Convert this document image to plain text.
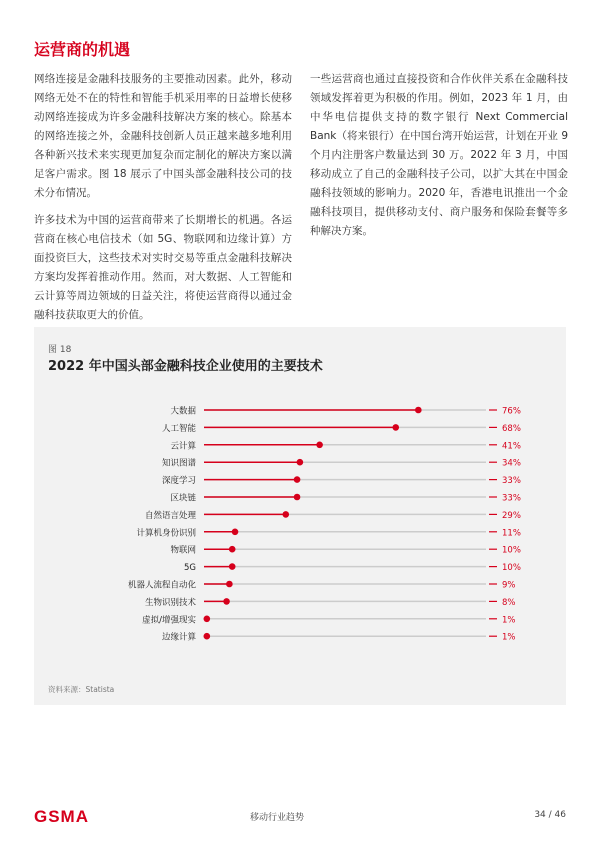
运营商的机遇

网络连接是金融科技服务的主要推动因素。此外，移动网络无处不在的特性和智能手机采用率的日益增长使移动网络连接成为许多金融科技解决方案的核心。除基本的网络连接之外，金融科技创新人员正越来越多地利用各种新兴技术来实现更加复杂而定制化的解决方案以满足客户需求。图 18 展示了中国头部金融科技公司的技术分布情况。

许多技术为中国的运营商带来了长期增长的机遇。各运营商在核心电信技术（如 5G、物联网和边缘计算）方面投资巨大，这些技术对实时交易等重点金融科技解决方案均发挥着推动作用。然而，对大数据、人工智能和云计算等周边领域的日益关注，将使运营商得以通过金融科技获取更大的价值。

一些运营商也通过直接投资和合作伙伴关系在金融科技领域发挥着更为积极的作用。例如，2023 年 1 月，由中华电信提供支持的数字银行 Next Commercial Bank（将来银行）在中国台湾开始运营，计划在开业 9 个月内注册客户数量达到 30 万。2022 年 3 月，中国移动成立了自己的金融科技子公司，以扩大其在中国金融科技领域的影响力。2020 年，香港电讯推出一个金融科技项目，提供移动支付、商户服务和保险套餐等多种解决方案。

图 18
2022 年中国头部金融科技企业使用的主要技术
大数据	76%
人工智能	68%
云计算	41%
知识图谱	34%
深度学习	33%
区块链	33%
自然语言处理	29%
计算机身份识别	11%
物联网	10%
5G	10%
机器人流程自动化	9%
生物识别技术	8%
虚拟/增强现实	1%
边缘计算	1%
资料来源：Statista
GSMA	移动行业趋势	34 / 46
